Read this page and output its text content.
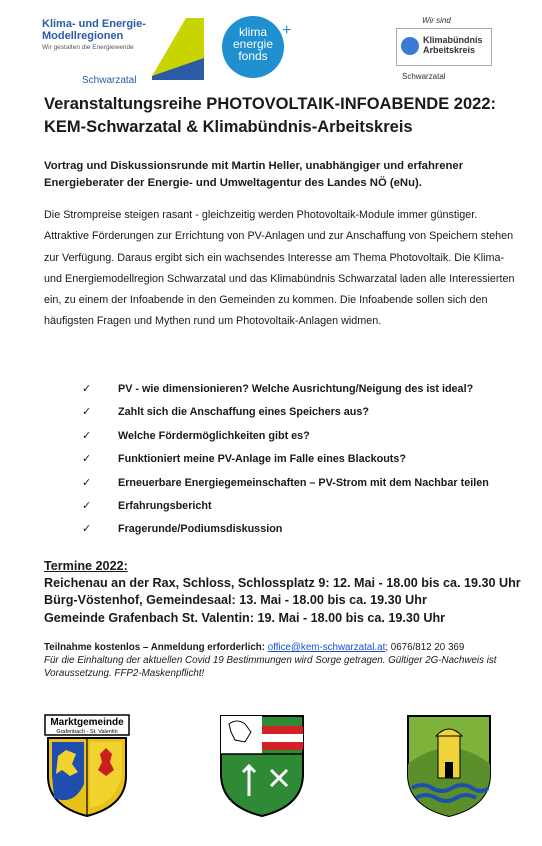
Klima- und Energie-
Modellregionen
Wir gestalten die Energiewende
Schwarzatal
klima
energie
fonds
+
Wir sind
Klimabündnis
Arbeitskreis
Schwarzatal
Veranstaltungsreihe PHOTOVOLTAIK-INFOABENDE 2022:
KEM-Schwarzatal & Klimabündnis-Arbeitskreis

Vortrag und Diskussionsrunde mit Martin Heller, unabhängiger und erfahrener Energieberater der Energie- und Umweltagentur des Landes NÖ (eNu).

Die Strompreise steigen rasant - gleichzeitig werden Photovoltaik-Module immer günstiger. Attraktive Förderungen zur Errichtung von PV-Anlagen und zur Anschaffung von Speichern stehen zur Verfügung. Daraus ergibt sich ein wachsendes Interesse am Thema Photovoltaik. Die Klima- und Energiemodellregion Schwarzatal und das Klimabündnis Schwarzatal laden alle Interessierten ein, zu einem der Infoabende in den Gemeinden zu kommen. Die Infoabende sollen sich den häufigsten Fragen und Mythen rund um Photovoltaik-Anlagen widmen.

✓ PV - wie dimensionieren? Welche Ausrichtung/Neigung des ist ideal?
✓ Zahlt sich die Anschaffung eines Speichers aus?
✓ Welche Fördermöglichkeiten gibt es?
✓ Funktioniert meine PV-Anlage im Falle eines Blackouts?
✓ Erneuerbare Energiegemeinschaften – PV-Strom mit dem Nachbar teilen
✓ Erfahrungsbericht
✓ Fragerunde/Podiumsdiskussion
Termine 2022:

Reichenau an der Rax, Schloss, Schlossplatz 9: 12. Mai - 18.00 bis ca. 19.30 Uhr

Bürg-Vöstenhof, Gemeindesaal: 13. Mai - 18.00 bis ca. 19.30 Uhr

Gemeinde Grafenbach St. Valentin: 19. Mai - 18.00 bis ca. 19.30 Uhr

Teilnahme kostenlos – Anmeldung erforderlich: office@kem-schwarzatal.at; 0676/812 20 369
Für die Einhaltung der aktuellen Covid 19 Bestimmungen wird Sorge getragen. Gültiger 2G-Nachweis ist Voraussetzung. FFP2-Maskenpflicht!
Marktgemeinde
Grafenbach - St. Valentin
